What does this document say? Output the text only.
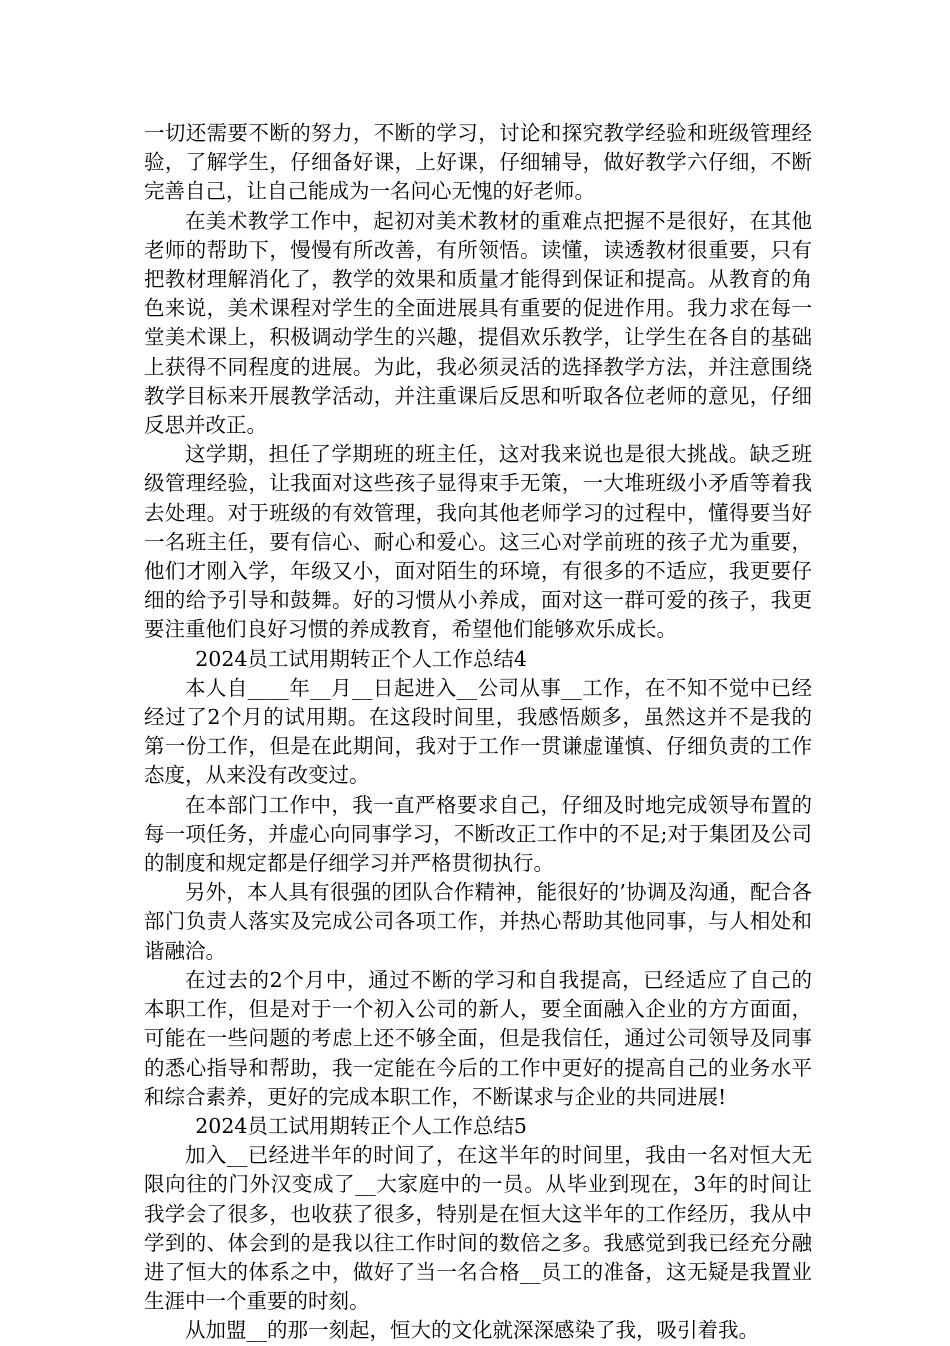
一切还需要不断的努力，不断的学习，讨论和探究教学经验和班级管理经验，了解学生，仔细备好课，上好课，仔细辅导，做好教学六仔细，不断完善自己，让自己能成为一名问心无愧的好老师。

在美术教学工作中，起初对美术教材的重难点把握不是很好，在其他老师的帮助下，慢慢有所改善，有所领悟。读懂，读透教材很重要，只有把教材理解消化了，教学的效果和质量才能得到保证和提高。从教育的角色来说，美术课程对学生的全面进展具有重要的促进作用。我力求在每一堂美术课上，积极调动学生的兴趣，提倡欢乐教学，让学生在各自的基础上获得不同程度的进展。为此，我必须灵活的选择教学方法，并注意围绕教学目标来开展教学活动，并注重课后反思和听取各位老师的意见，仔细反思并改正。

这学期，担任了学期班的班主任，这对我来说也是很大挑战。缺乏班级管理经验，让我面对这些孩子显得束手无策，一大堆班级小矛盾等着我去处理。对于班级的有效管理，我向其他老师学习的过程中，懂得要当好一名班主任，要有信心、耐心和爱心。这三心对学前班的孩子尤为重要，他们才刚入学，年级又小，面对陌生的环境，有很多的不适应，我更要仔细的给予引导和鼓舞。好的习惯从小养成，面对这一群可爱的孩子，我更要注重他们良好习惯的养成教育，希望他们能够欢乐成长。

2024员工试用期转正个人工作总结4

本人自____年__月__日起进入__公司从事__工作，在不知不觉中已经经过了2个月的试用期。在这段时间里，我感悟颇多，虽然这并不是我的第一份工作，但是在此期间，我对于工作一贯谦虚谨慎、仔细负责的工作态度，从来没有改变过。

在本部门工作中，我一直严格要求自己，仔细及时地完成领导布置的每一项任务，并虚心向同事学习，不断改正工作中的不足;对于集团及公司的制度和规定都是仔细学习并严格贯彻执行。

另外，本人具有很强的团队合作精神，能很好的’协调及沟通，配合各部门负责人落实及完成公司各项工作，并热心帮助其他同事，与人相处和谐融洽。

在过去的2个月中，通过不断的学习和自我提高，已经适应了自己的本职工作，但是对于一个初入公司的新人，要全面融入企业的方方面面，可能在一些问题的考虑上还不够全面，但是我信任，通过公司领导及同事的悉心指导和帮助，我一定能在今后的工作中更好的提高自己的业务水平和综合素养，更好的完成本职工作，不断谋求与企业的共同进展!

2024员工试用期转正个人工作总结5

加入__已经进半年的时间了，在这半年的时间里，我由一名对恒大无限向往的门外汉变成了__大家庭中的一员。从毕业到现在，3年的时间让我学会了很多，也收获了很多，特别是在恒大这半年的工作经历，我从中学到的、体会到的是我以往工作时间的数倍之多。我感觉到我已经充分融进了恒大的体系之中，做好了当一名合格__员工的准备，这无疑是我置业生涯中一个重要的时刻。

从加盟__的那一刻起，恒大的文化就深深感染了我，吸引着我。
